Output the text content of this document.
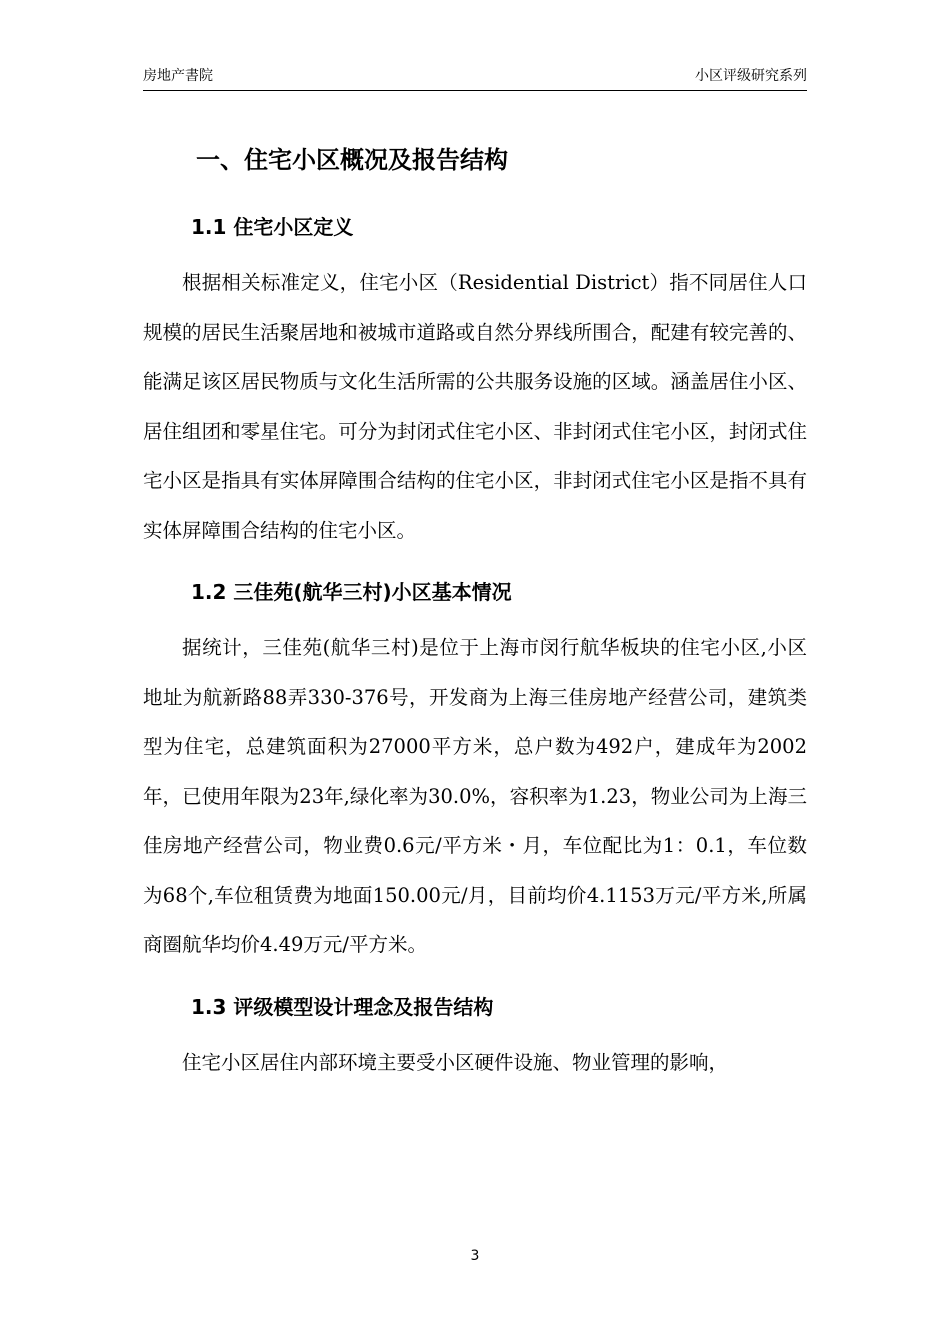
房地产書院	小区评级研究系列
一、住宅小区概况及报告结构
1.1 住宅小区定义

根据相关标准定义，住宅小区（Residential District）指不同居住人口规模的居民生活聚居地和被城市道路或自然分界线所围合，配建有较完善的、能满足该区居民物质与文化生活所需的公共服务设施的区域。涵盖居住小区、居住组团和零星住宅。可分为封闭式住宅小区、非封闭式住宅小区，封闭式住宅小区是指具有实体屏障围合结构的住宅小区，非封闭式住宅小区是指不具有实体屏障围合结构的住宅小区。

1.2 三佳苑(航华三村)小区基本情况

据统计，三佳苑(航华三村)是位于上海市闵行航华板块的住宅小区,小区地址为航新路88弄330-376号，开发商为上海三佳房地产经营公司，建筑类型为住宅，总建筑面积为27000平方米，总户数为492户，建成年为2002年，已使用年限为23年,绿化率为30.0%，容积率为1.23，物业公司为上海三佳房地产经营公司，物业费0.6元/平方米・月，车位配比为1：0.1，车位数为68个,车位租赁费为地面150.00元/月，目前均价4.1153万元/平方米,所属商圈航华均价4.49万元/平方米。

1.3 评级模型设计理念及报告结构

住宅小区居住内部环境主要受小区硬件设施、物业管理的影响，

3
